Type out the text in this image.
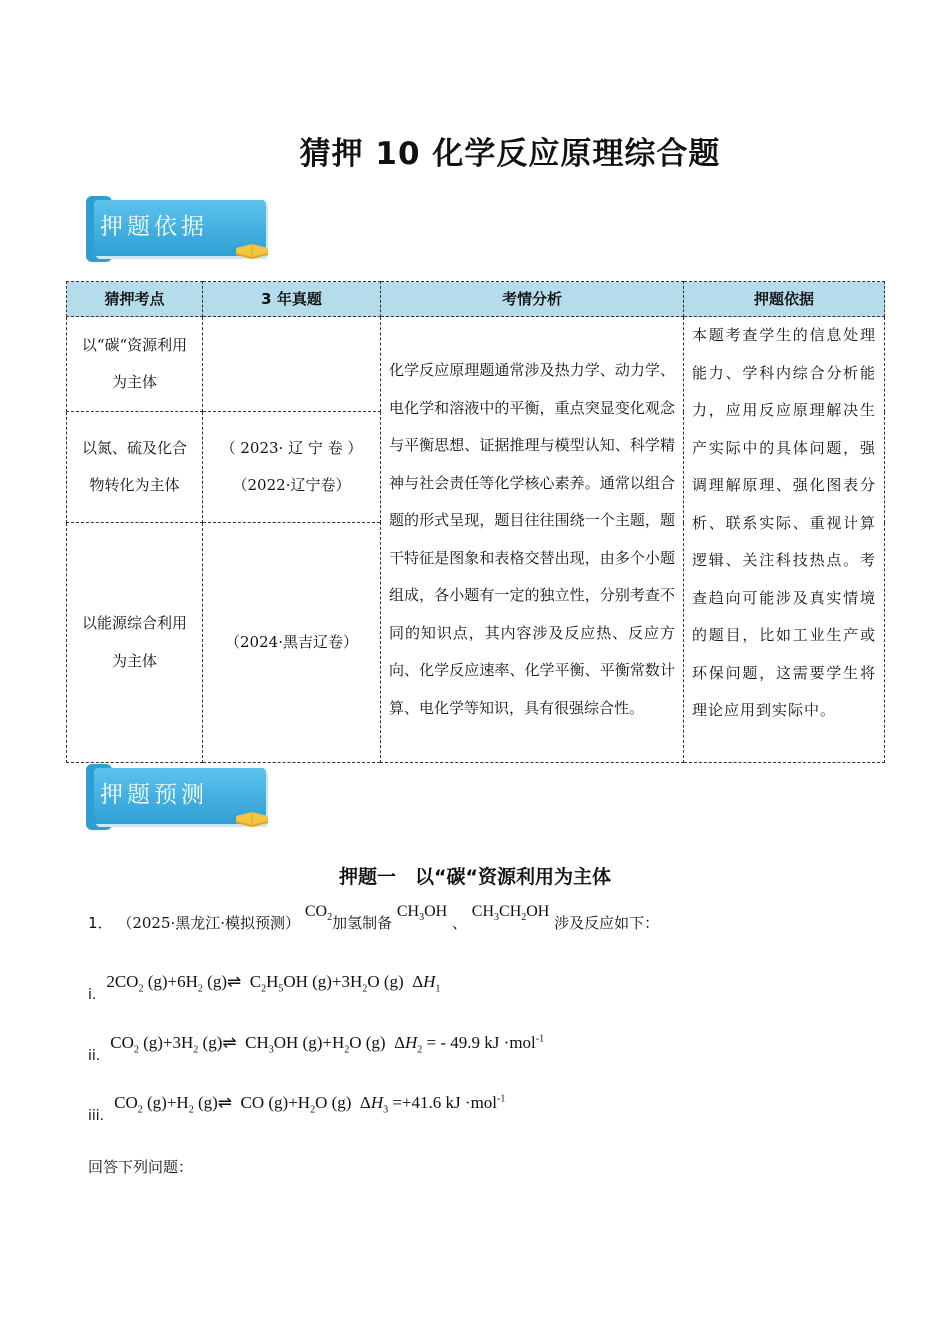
猜押 10 化学反应原理综合题
押题依据
猜押考点	3 年真题	考情分析	押题依据
以“碳“资源利用为主体		化学反应原理题通常涉及热力学、动力学、电化学和溶液中的平衡，重点突显变化观念与平衡思想、证据推理与模型认知、科学精神与社会责任等化学核心素养。通常以组合题的形式呈现，题目往往围绕一个主题，题干特征是图象和表格交替出现，由多个小题组成，各小题有一定的独立性，分别考查不同的知识点，其内容涉及反应热、反应方向、化学反应速率、化学平衡、平衡常数计算、电化学等知识，具有很强综合性。	本题考查学生的信息处理能力、学科内综合分析能力，应用反应原理解决生产实际中的具体问题，强调理解原理、强化图表分析、联系实际、重视计算逻辑、关注科技热点。考查趋向可能涉及真实情境的题目，比如工业生产或环保问题，这需要学生将理论应用到实际中。
以氮、硫及化合物转化为主体	（ 2023· 辽 宁 卷 ）（2022·辽宁卷）		
以能源综合利用为主体	（2024·黑吉辽卷）		
押题预测
押题一　以“碳“资源利用为主体
1． （2025·黑龙江·模拟预测） $CO_2$加氢制备 $CH_3OH$ 、 $CH_3CH_2OH$ 涉及反应如下：
$_{i.}2CO_2$ $(g)+6H_2$ (g)⇌  $C_2H_5OH$ $(g)+3H_2O$ (g)  $\Delta H_1$
$_{ii.}CO_2$ $(g)+3H_2$ (g)⇌  $CH_3OH$ $(g)+H_2O$ (g)  $\Delta H_2$ = - 49.9 kJ ·mol$^{-1}$
$_{iii.}CO_2$ $(g)+H_2$ (g)⇌  CO $(g)+H_2O$ (g)  $\Delta H_3 =+41.6$ kJ ·mol$^{-1}$
回答下列问题：
